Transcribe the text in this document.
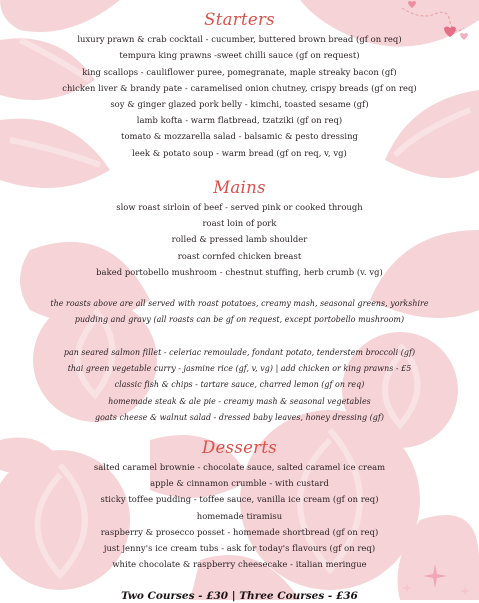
Starters
luxury prawn & crab cocktail - cucumber, buttered brown bread (gf on req)
tempura king prawns -sweet chilli sauce (gf on request)
king scallops - cauliflower puree, pomegranate, maple streaky bacon (gf)
chicken liver & brandy pate - caramelised onion chutney, crispy breads (gf on req)
soy & ginger glazed pork belly - kimchi, toasted sesame (gf)
lamb kofta - warm flatbread, tzatziki (gf on req)
tomato & mozzarella salad - balsamic & pesto dressing
leek & potato soup - warm bread (gf on req, v, vg)
Mains
slow roast sirloin of beef - served pink or cooked through
roast loin of pork
rolled & pressed lamb shoulder
roast cornfed chicken breast
baked portobello mushroom - chestnut stuffing, herb crumb (v. vg)
the roasts above are all served with roast potatoes, creamy mash, seasonal greens, yorkshire
pudding and gravy (all roasts can be gf on request, except portobello mushroom)
pan seared salmon fillet - celeriac remoulade, fondant potato, tenderstem broccoli (gf)
thai green vegetable curry - jasmine rice (gf, v, vg) | add chicken or king prawns - £5
classic fish & chips - tartare sauce, charred lemon (gf on req)
homemade steak & ale pie - creamy mash & seasonal vegetables
goats cheese & walnut salad - dressed baby leaves, honey dressing (gf)
Desserts
salted caramel brownie - chocolate sauce, salted caramel ice cream
apple & cinnamon crumble - with custard
sticky toffee pudding - toffee sauce, vanilla ice cream (gf on req)
homemade tiramisu
raspberry & prosecco posset - homemade shortbread (gf on req)
just jenny's ice cream tubs - ask for today's flavours (gf on req)
white chocolate & raspberry cheesecake - italian meringue
Two Courses - £30 | Three Courses - £36
